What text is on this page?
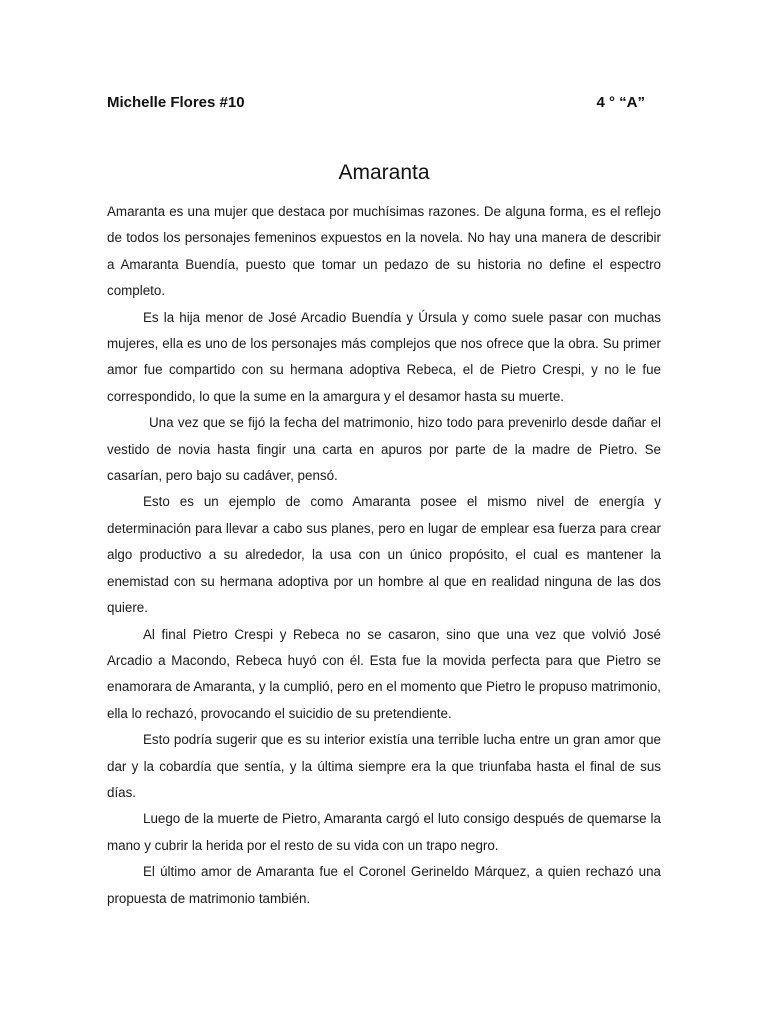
Michelle Flores #10	4 ° “A”
Amaranta

Amaranta es una mujer que destaca por muchísimas razones. De alguna forma, es el reflejo de todos los personajes femeninos expuestos en la novela. No hay una manera de describir a Amaranta Buendía, puesto que tomar un pedazo de su historia no define el espectro completo.

Es la hija menor de José Arcadio Buendía y Úrsula y como suele pasar con muchas mujeres, ella es uno de los personajes más complejos que nos ofrece que la obra. Su primer amor fue compartido con su hermana adoptiva Rebeca, el de Pietro Crespi, y no le fue correspondido, lo que la sume en la amargura y el desamor hasta su muerte.

Una vez que se fijó la fecha del matrimonio, hizo todo para prevenirlo desde dañar el vestido de novia hasta fingir una carta en apuros por parte de la madre de Pietro. Se casarían, pero bajo su cadáver, pensó.

Esto es un ejemplo de como Amaranta posee el mismo nivel de energía y determinación para llevar a cabo sus planes, pero en lugar de emplear esa fuerza para crear algo productivo a su alrededor, la usa con un único propósito, el cual es mantener la enemistad con su hermana adoptiva por un hombre al que en realidad ninguna de las dos quiere.

Al final Pietro Crespi y Rebeca no se casaron, sino que una vez que volvió José Arcadio a Macondo, Rebeca huyó con él. Esta fue la movida perfecta para que Pietro se enamorara de Amaranta, y la cumplió, pero en el momento que Pietro le propuso matrimonio, ella lo rechazó, provocando el suicidio de su pretendiente.

Esto podría sugerir que es su interior existía una terrible lucha entre un gran amor que dar y la cobardía que sentía, y la última siempre era la que triunfaba hasta el final de sus días.

Luego de la muerte de Pietro, Amaranta cargó el luto consigo después de quemarse la mano y cubrir la herida por el resto de su vida con un trapo negro.

El último amor de Amaranta fue el Coronel Gerineldo Márquez, a quien rechazó una propuesta de matrimonio también.
